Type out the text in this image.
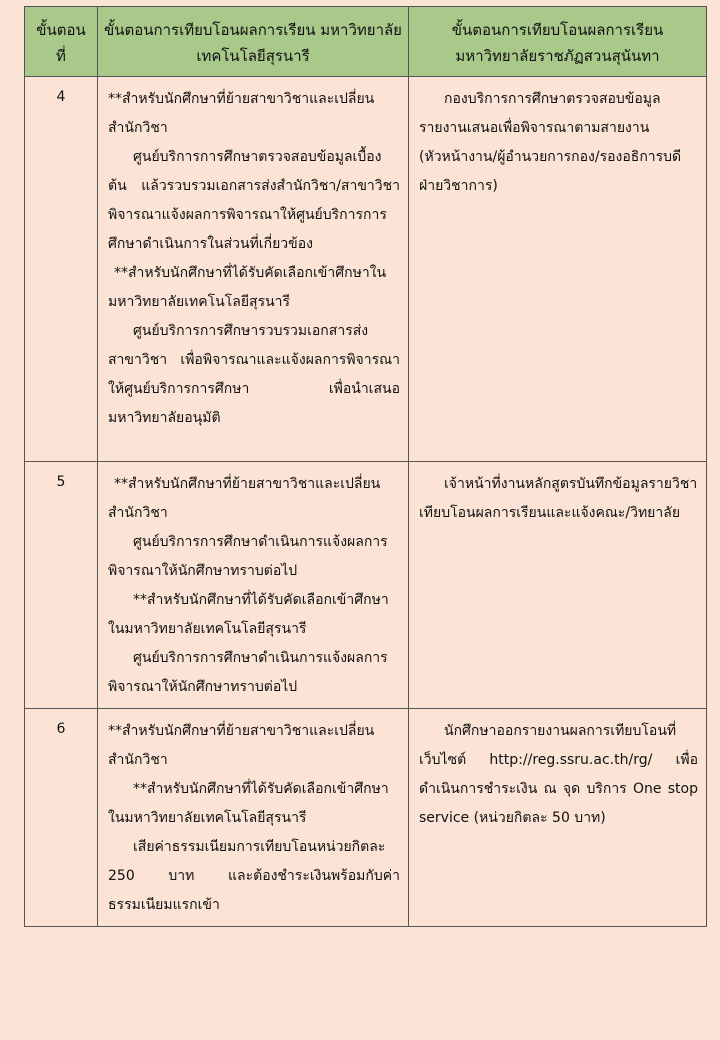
ขั้นตอน ที่	ขั้นตอนการเทียบโอนผลการเรียน มหาวิทยาลัยเทคโนโลยีสุรนารี	ขั้นตอนการเทียบโอนผลการเรียน มหาวิทยาลัยราชภัฏสวนสุนันทา
4	**สำหรับนักศึกษาที่ย้ายสาขาวิชาและเปลี่ยนสำนักวิชา

ศูนย์บริการการศึกษาตรวจสอบข้อมูลเบื้องต้น แล้วรวบรวมเอกสารส่งสำนักวิชา/สาขาวิชาพิจารณาแจ้งผลการพิจารณาให้ศูนย์บริการการศึกษาดำเนินการในส่วนที่เกี่ยวข้อง

**สำหรับนักศึกษาที่ได้รับคัดเลือกเข้าศึกษาในมหาวิทยาลัยเทคโนโลยีสุรนารี

ศูนย์บริการการศึกษารวบรวมเอกสารส่งสาขาวิชา เพื่อพิจารณาและแจ้งผลการพิจารณาให้ศูนย์บริการการศึกษา เพื่อนำเสนอมหาวิทยาลัยอนุมัติ	กองบริการการศึกษาตรวจสอบข้อมูลรายงานเสนอเพื่อพิจารณาตามสายงาน (หัวหน้างาน/ผู้อำนวยการกอง/รองอธิการบดีฝ่ายวิชาการ)

5	**สำหรับนักศึกษาที่ย้ายสาขาวิชาและเปลี่ยนสำนักวิชา

ศูนย์บริการการศึกษาดำเนินการแจ้งผลการพิจารณาให้นักศึกษาทราบต่อไป

**สำหรับนักศึกษาที่ได้รับคัดเลือกเข้าศึกษาในมหาวิทยาลัยเทคโนโลยีสุรนารี

ศูนย์บริการการศึกษาดำเนินการแจ้งผลการพิจารณาให้นักศึกษาทราบต่อไป	เจ้าหน้าที่งานหลักสูตรบันทึกข้อมูลรายวิชาเทียบโอนผลการเรียนและแจ้งคณะ/วิทยาลัย

6	**สำหรับนักศึกษาที่ย้ายสาขาวิชาและเปลี่ยนสำนักวิชา

**สำหรับนักศึกษาที่ได้รับคัดเลือกเข้าศึกษาในมหาวิทยาลัยเทคโนโลยีสุรนารี

เสียค่าธรรมเนียมการเทียบโอนหน่วยกิตละ 250 บาท และต้องชำระเงินพร้อมกับค่าธรรมเนียมแรกเข้า	นักศึกษาออกรายงานผลการเทียบโอนที่เว็บไซต์ http://reg.ssru.ac.th/rg/ เพื่อดำเนินการชำระเงิน ณ จุด บริการ One stop service (หน่วยกิตละ 50 บาท)
